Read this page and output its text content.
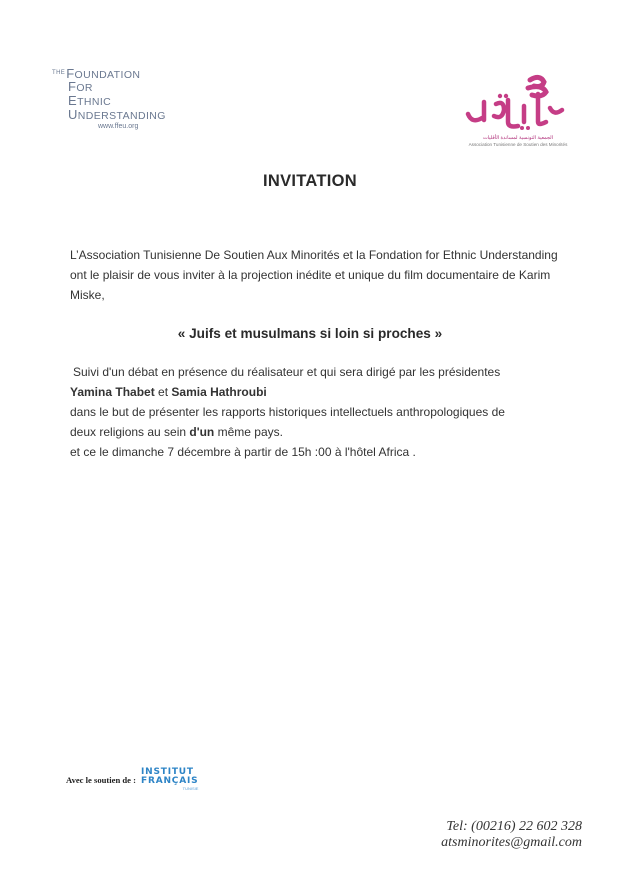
$^{THE}$FOUNDATION
FOR
ETHNIC
UNDERSTANDING
www.ffeu.org
الجمعية التونسية لمساندة الأقليات
Association Tunisienne de Soutien des Minorités
INVITATION
L’Association Tunisienne De Soutien Aux Minorités et la Fondation for Ethnic Understanding ont le plaisir de vous inviter à la projection inédite et unique du film documentaire de Karim Miske,
« Juifs et musulmans si loin si proches »
Suivi d'un débat en présence du réalisateur et qui sera dirigé par les présidentes
Yamina Thabet et Samia Hathroubi
dans le but de présenter les rapports historiques intellectuels anthropologiques de
deux religions au sein d'un même pays.
et ce le dimanche 7 décembre à partir de 15h :00 à l'hôtel Africa .
Avec le soutien de :
INSTITUT
FRANÇAIS
TUNISIE
Tel: (00216) 22 602 328
atsminorites@gmail.com
